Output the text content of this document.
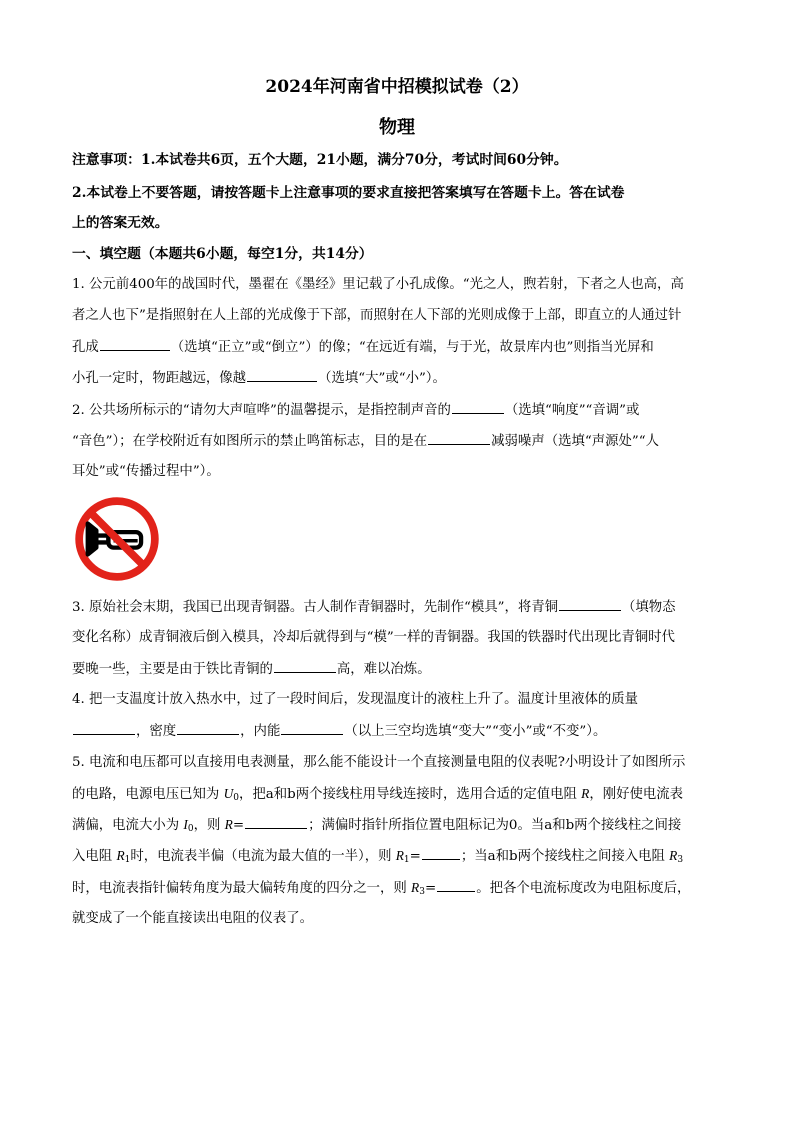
2024年河南省中招模拟试卷（2）
物理
注意事项：1.本试卷共6页，五个大题，21小题，满分70分，考试时间60分钟。
2.本试卷上不要答题，请按答题卡上注意事项的要求直接把答案填写在答题卡上。答在试卷
上的答案无效。
一、填空题（本题共6小题，每空1分，共14分）
1. 公元前400年的战国时代，墨翟在《墨经》里记载了小孔成像。“光之人，煦若射，下者之人也高，高
者之人也下”是指照射在人上部的光成像于下部，而照射在人下部的光则成像于上部，即直立的人通过针
孔成	（选填“正立”或“倒立”）的像；“在远近有端，与于光，故景库内也”则指当光屏和
小孔一定时，物距越远，像越	（选填“大”或“小”）。
2. 公共场所标示的“请勿大声喧哗”的温馨提示，是指控制声音的	（选填“响度”“音调”或
“音色”）；在学校附近有如图所示的禁止鸣笛标志，目的是在	减弱噪声（选填“声源处”“人
耳处”或“传播过程中”）。
3. 原始社会末期，我国已出现青铜器。古人制作青铜器时，先制作“模具”，将青铜	（填物态
变化名称）成青铜液后倒入模具，冷却后就得到与“模”一样的青铜器。我国的铁器时代出现比青铜时代
要晚一些，主要是由于铁比青铜的	高，难以冶炼。
4. 把一支温度计放入热水中，过了一段时间后，发现温度计的液柱上升了。温度计里液体的质量
，密度	，内能	（以上三空均选填“变大”“变小”或“不变”）。
5. 电流和电压都可以直接用电表测量，那么能不能设计一个直接测量电阻的仪表呢?小明设计了如图所示
的电路，电源电压已知为 $U_0$，把a和b两个接线柱用导线连接时，选用合适的定值电阻 R，刚好使电流表
满偏，电流大小为 $I_0$，则 R=	；满偏时指针所指位置电阻标记为0。当a和b两个接线柱之间接
入电阻 $R_1$时，电流表半偏（电流为最大值的一半），则 $R_1=$	；当a和b两个接线柱之间接入电阻 $R_3$
时，电流表指针偏转角度为最大偏转角度的四分之一，则 $R_3=$	。把各个电流标度改为电阻标度后，
就变成了一个能直接读出电阻的仪表了。
